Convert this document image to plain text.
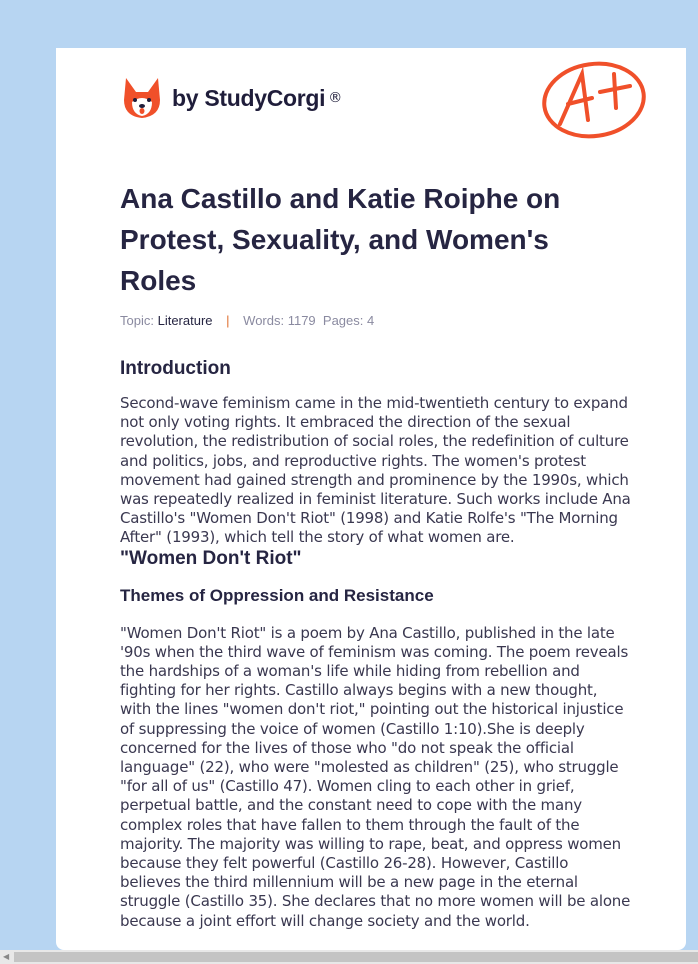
by StudyCorgi ®
Ana Castillo and Katie Roiphe on Protest, Sexuality, and Women's Roles
Topic: Literature | Words: 1179 Pages: 4
Introduction

Second-wave feminism came in the mid-twentieth century to expand not only voting rights. It embraced the direction of the sexual revolution, the redistribution of social roles, the redefinition of culture and politics, jobs, and reproductive rights. The women's protest movement had gained strength and prominence by the 1990s, which was repeatedly realized in feminist literature. Such works include Ana Castillo's "Women Don't Riot" (1998) and Katie Rolfe's "The Morning After" (1993), which tell the story of what women are.

"Women Don't Riot"
Themes of Oppression and Resistance

"Women Don't Riot" is a poem by Ana Castillo, published in the late '90s when the third wave of feminism was coming. The poem reveals the hardships of a woman's life while hiding from rebellion and fighting for her rights. Castillo always begins with a new thought, with the lines "women don't riot," pointing out the historical injustice of suppressing the voice of women (Castillo 1:10).She is deeply concerned for the lives of those who "do not speak the official language" (22), who were "molested as children" (25), who struggle "for all of us" (Castillo 47). Women cling to each other in grief, perpetual battle, and the constant need to cope with the many complex roles that have fallen to them through the fault of the majority. The majority was willing to rape, beat, and oppress women because they felt powerful (Castillo 26-28). However, Castillo believes the third millennium will be a new page in the eternal struggle (Castillo 35). She declares that no more women will be alone because a joint effort will change society and the world.

◀
